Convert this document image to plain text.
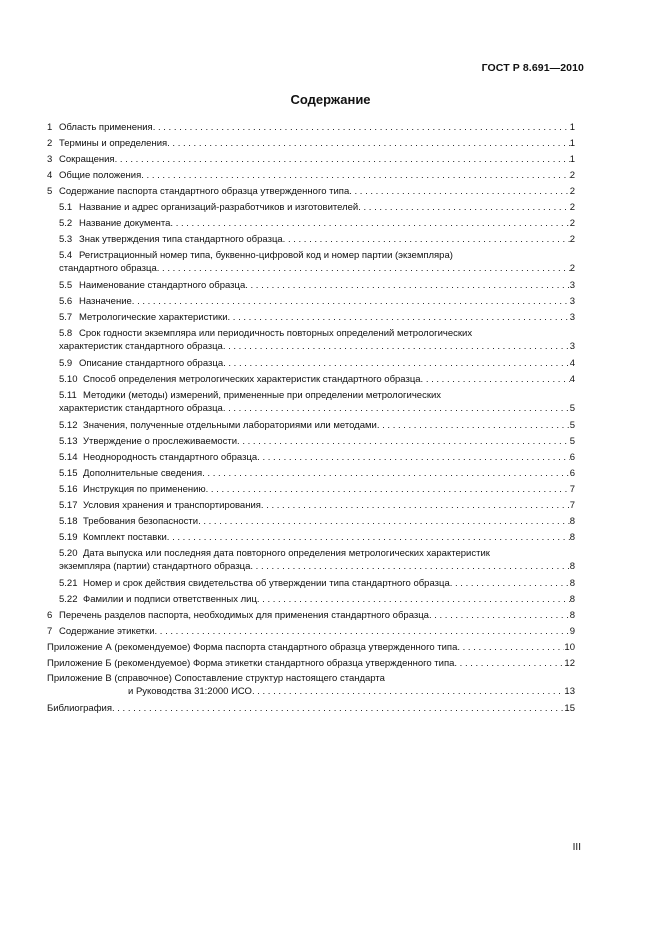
ГОСТ Р 8.691—2010
Содержание
1 Область применения . . .	1
2 Термины и определения . . .	1
3 Сокращения . . .	1
4 Общие положения . . .	2
5 Содержание паспорта стандартного образца утвержденного типа . . .	2
5.1 Название и адрес организаций-разработчиков и изготовителей . . .	2
5.2 Название документа . . .	2
5.3 Знак утверждения типа стандартного образца . . .	2
5.4 Регистрационный номер типа, буквенно-цифровой код и номер партии (экземпляра)
стандартного образца . . .	2
5.5 Наименование стандартного образца . . .	3
5.6 Назначение . . .	3
5.7 Метрологические характеристики . . .	3
5.8 Срок годности экземпляра или периодичность повторных определений метрологических
характеристик стандартного образца . . .	3
5.9 Описание стандартного образца . . .	4
5.10 Способ определения метрологических характеристик стандартного образца . . .	4
5.11 Методики (методы) измерений, примененные при определении метрологических
характеристик стандартного образца . . .	5
5.12 Значения, полученные отдельными лабораториями или методами . . .	5
5.13 Утверждение о прослеживаемости . . .	5
5.14 Неоднородность стандартного образца . . .	6
5.15 Дополнительные сведения . . .	6
5.16 Инструкция по применению . . .	7
5.17 Условия хранения и транспортирования . . .	7
5.18 Требования безопасности . . .	8
5.19 Комплект поставки . . .	8
5.20 Дата выпуска или последняя дата повторного определения метрологических характеристик
экземпляра (партии) стандартного образца . . .	8
5.21 Номер и срок действия свидетельства об утверждении типа стандартного образца . . .	8
5.22 Фамилии и подписи ответственных лиц . . .	8
6 Перечень разделов паспорта, необходимых для применения стандартного образца . . .	8
7 Содержание этикетки . . .	9
Приложение А (рекомендуемое) Форма паспорта стандартного образца утвержденного типа . . .	10
Приложение Б (рекомендуемое) Форма этикетки стандартного образца утвержденного типа . . .	12
Приложение В (справочное) Сопоставление структур настоящего стандарта
и Руководства 31:2000 ИСО . . .	13
Библиография . . .	15
III
